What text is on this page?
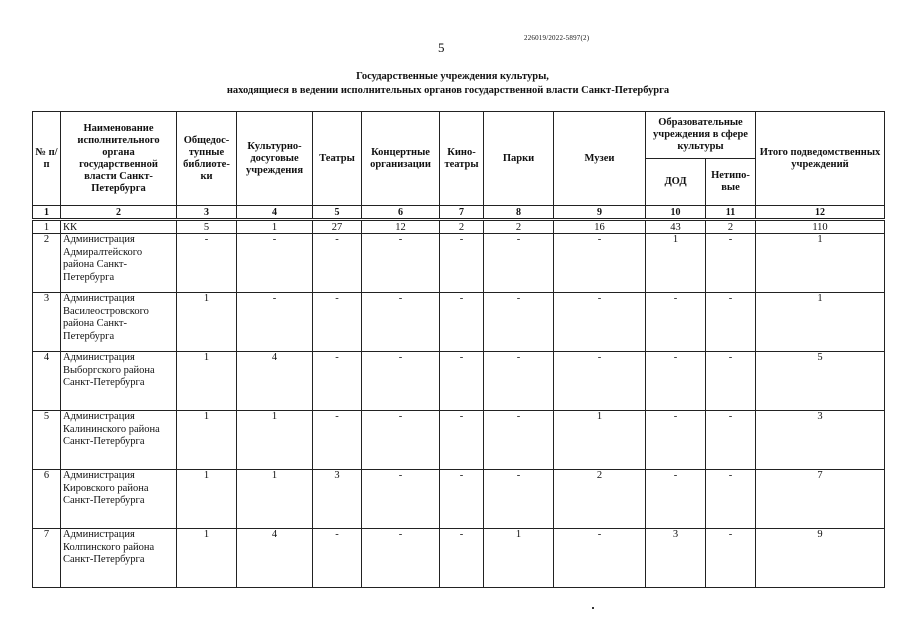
226019/2022-5897(2)
5
Государственные учреждения культуры,
находящиеся в ведении исполнительных органов государственной власти Санкт-Петербурга
№ п/п	Наименование исполнительного органа государственной власти Санкт-Петербурга	Общедос-тупные библиоте-ки	Культурно-досуговые учреждения	Театры	Концертные организации	Кино-театры	Парки	Музеи	Образовательные учреждения в сфере культуры		Итого подведомственных учреждений
									ДОД	Нетипо-вые	
1	2	3	4	5	6	7	8	9	10	11	12
1	КК	5	1	27	12	2	2	16	43	2	110
2	Администрация Адмиралтейского района Санкт-Петербурга	-	-	-	-	-	-	-	1	-	1
3	Администрация Василеостровского района Санкт-Петербурга	1	-	-	-	-	-	-	-	-	1
4	Администрация Выборгского района Санкт-Петербурга	1	4	-	-	-	-	-	-	-	5
5	Администрация Калининского района Санкт-Петербурга	1	1	-	-	-	-	1	-	-	3
6	Администрация Кировского района Санкт-Петербурга	1	1	3	-	-	-	2	-	-	7
7	Администрация Колпинского района Санкт-Петербурга	1	4	-	-	-	1	-	3	-	9
